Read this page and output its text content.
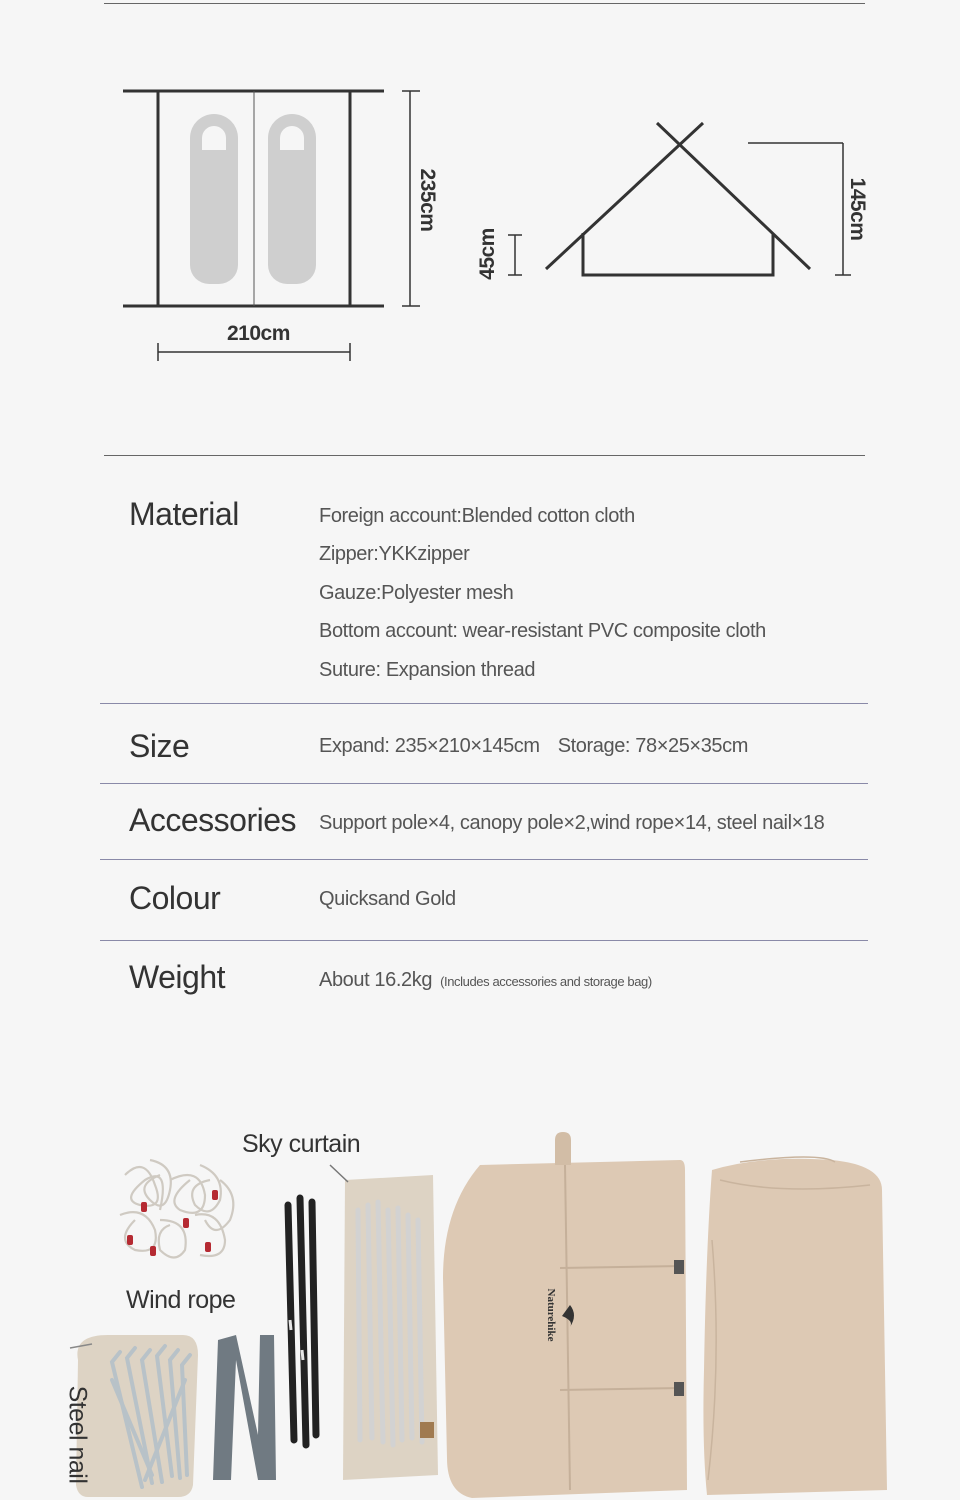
210cm
235cm
45cm
145cm
Material	Foreign account:Blended cotton cloth
Zipper:YKKzipper
Gauze:Polyester mesh
Bottom account: wear-resistant PVC composite cloth
Suture: Expansion thread
Size	Expand: 235×210×145cm Storage: 78×25×35cm
Accessories Support pole×4, canopy pole×2,wind rope×14, steel nail×18
Colour	Quicksand Gold
Weight	About 16.2kg (Includes accessories and storage bag)
Naturehike
Sky curtain
Wind rope
Steel nail
